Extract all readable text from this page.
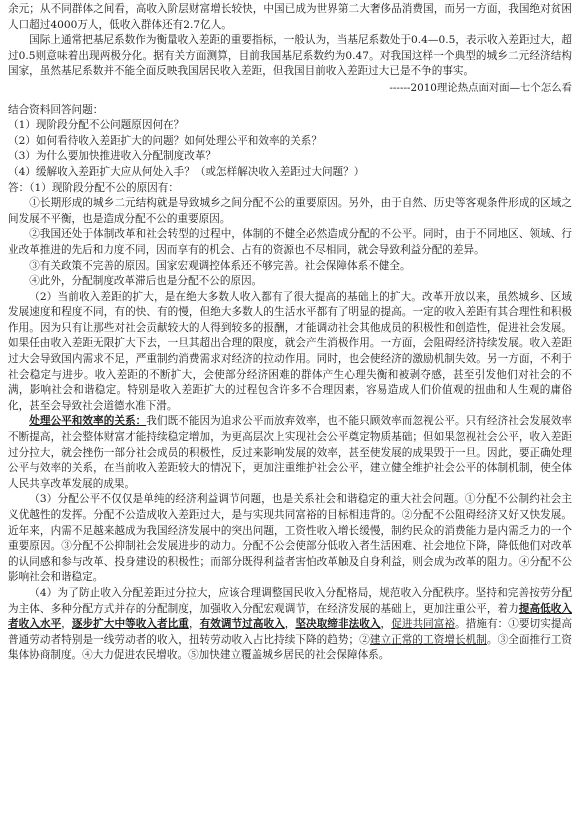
余元；从不同群体之间看，高收入阶层财富增长较快，中国已成为世界第二大奢侈品消费国，而另一方面，我国绝对贫困人口超过4000万人，低收入群体还有2.7亿人。

国际上通常把基尼系数作为衡量收入差距的重要指标，一般认为，当基尼系数处于0.4—0.5，表示收入差距过大，超过0.5则意味着出现两极分化。据有关方面测算，目前我国基尼系数约为0.47。对我国这样一个典型的城乡二元经济结构国家，虽然基尼系数并不能全面反映我国居民收入差距，但我国目前收入差距过大已是不争的事实。

------2010理论热点面对面—七个怎么看

结合资料回答问题：

（1）现阶段分配不公问题原因何在？

（2）如何看待收入差距扩大的问题？如何处理公平和效率的关系？

（3）为什么要加快推进收入分配制度改革？

（4）缓解收入差距扩大应从何处入手？（或怎样解决收入差距过大问题？）

答：（1）现阶段分配不公的原因有：

①长期形成的城乡二元结构就是导致城乡之间分配不公的重要原因。另外，由于自然、历史等客观条件形成的区域之间发展不平衡，也是造成分配不公的重要原因。

②我国还处于体制改革和社会转型的过程中，体制的不健全必然造成分配的不公平。同时，由于不同地区、领域、行业改革推进的先后和力度不同，因而享有的机会、占有的资源也不尽相同，就会导致利益分配的差异。

③有关政策不完善的原因。国家宏观调控体系还不够完善。社会保障体系不健全。

④此外，分配制度改革滞后也是分配不公的原因。

（2）当前收入差距的扩大，是在绝大多数人收入都有了很大提高的基础上的扩大。改革开放以来，虽然城乡、区域发展速度和程度不同，有的快、有的慢，但绝大多数人的生活水平都有了明显的提高。一定的收入差距有其合理性和积极作用。因为只有让那些对社会贡献较大的人得到较多的报酬，才能调动社会其他成员的积极性和创造性，促进社会发展。如果任由收入差距无限扩大下去，一旦其超出合理的限度，就会产生消极作用。一方面，会阻碍经济持续发展。收入差距过大会导致国内需求不足，严重制约消费需求对经济的拉动作用。同时，也会使经济的激励机制失效。另一方面，不利于社会稳定与进步。收入差距的不断扩大，会使部分经济困难的群体产生心理失衡和被剥夺感，甚至引发他们对社会的不满，影响社会和谐稳定。特别是收入差距扩大的过程包含许多不合理因素，容易造成人们价值观的扭曲和人生观的庸俗化，甚至会导致社会道德水准下滑。

处理公平和效率的关系：我们既不能因为追求公平而放弃效率，也不能只顾效率而忽视公平。只有经济社会发展效率不断提高，社会整体财富才能持续稳定增加，为更高层次上实现社会公平奠定物质基础；但如果忽视社会公平，收入差距过分拉大，就会挫伤一部分社会成员的积极性，反过来影响发展的效率，甚至使发展的成果毁于一旦。因此，要正确处理公平与效率的关系，在当前收入差距较大的情况下，更加注重维护社会公平，建立健全维护社会公平的体制机制，使全体人民共享改革发展的成果。

（3）分配公平不仅仅是单纯的经济利益调节问题，也是关系社会和谐稳定的重大社会问题。①分配不公制约社会主义优越性的发挥。分配不公造成收入差距过大，是与实现共同富裕的目标相违背的。②分配不公阻碍经济又好又快发展。近年来，内需不足越来越成为我国经济发展中的突出问题，工资性收入增长缓慢，制约民众的消费能力是内需乏力的一个重要原因。③分配不公抑制社会发展进步的动力。分配不公会使部分低收入者生活困难、社会地位下降，降低他们对改革的认同感和参与改革、投身建设的积极性；而部分既得利益者害怕改革触及自身利益，则会成为改革的阻力。④分配不公影响社会和谐稳定。

（4）为了防止收入分配差距过分拉大，应该合理调整国民收入分配格局，规范收入分配秩序。坚持和完善按劳分配为主体、多种分配方式并存的分配制度，加强收入分配宏观调节，在经济发展的基础上，更加注重公平，着力提高低收入者收入水平，逐步扩大中等收入者比重，有效调节过高收入，坚决取缔非法收入，促进共同富裕。措施有：①要切实提高普通劳动者特别是一线劳动者的收入，扭转劳动收入占比持续下降的趋势；②建立正常的工资增长机制。③全面推行工资集体协商制度。④大力促进农民增收。⑤加快建立覆盖城乡居民的社会保障体系。
